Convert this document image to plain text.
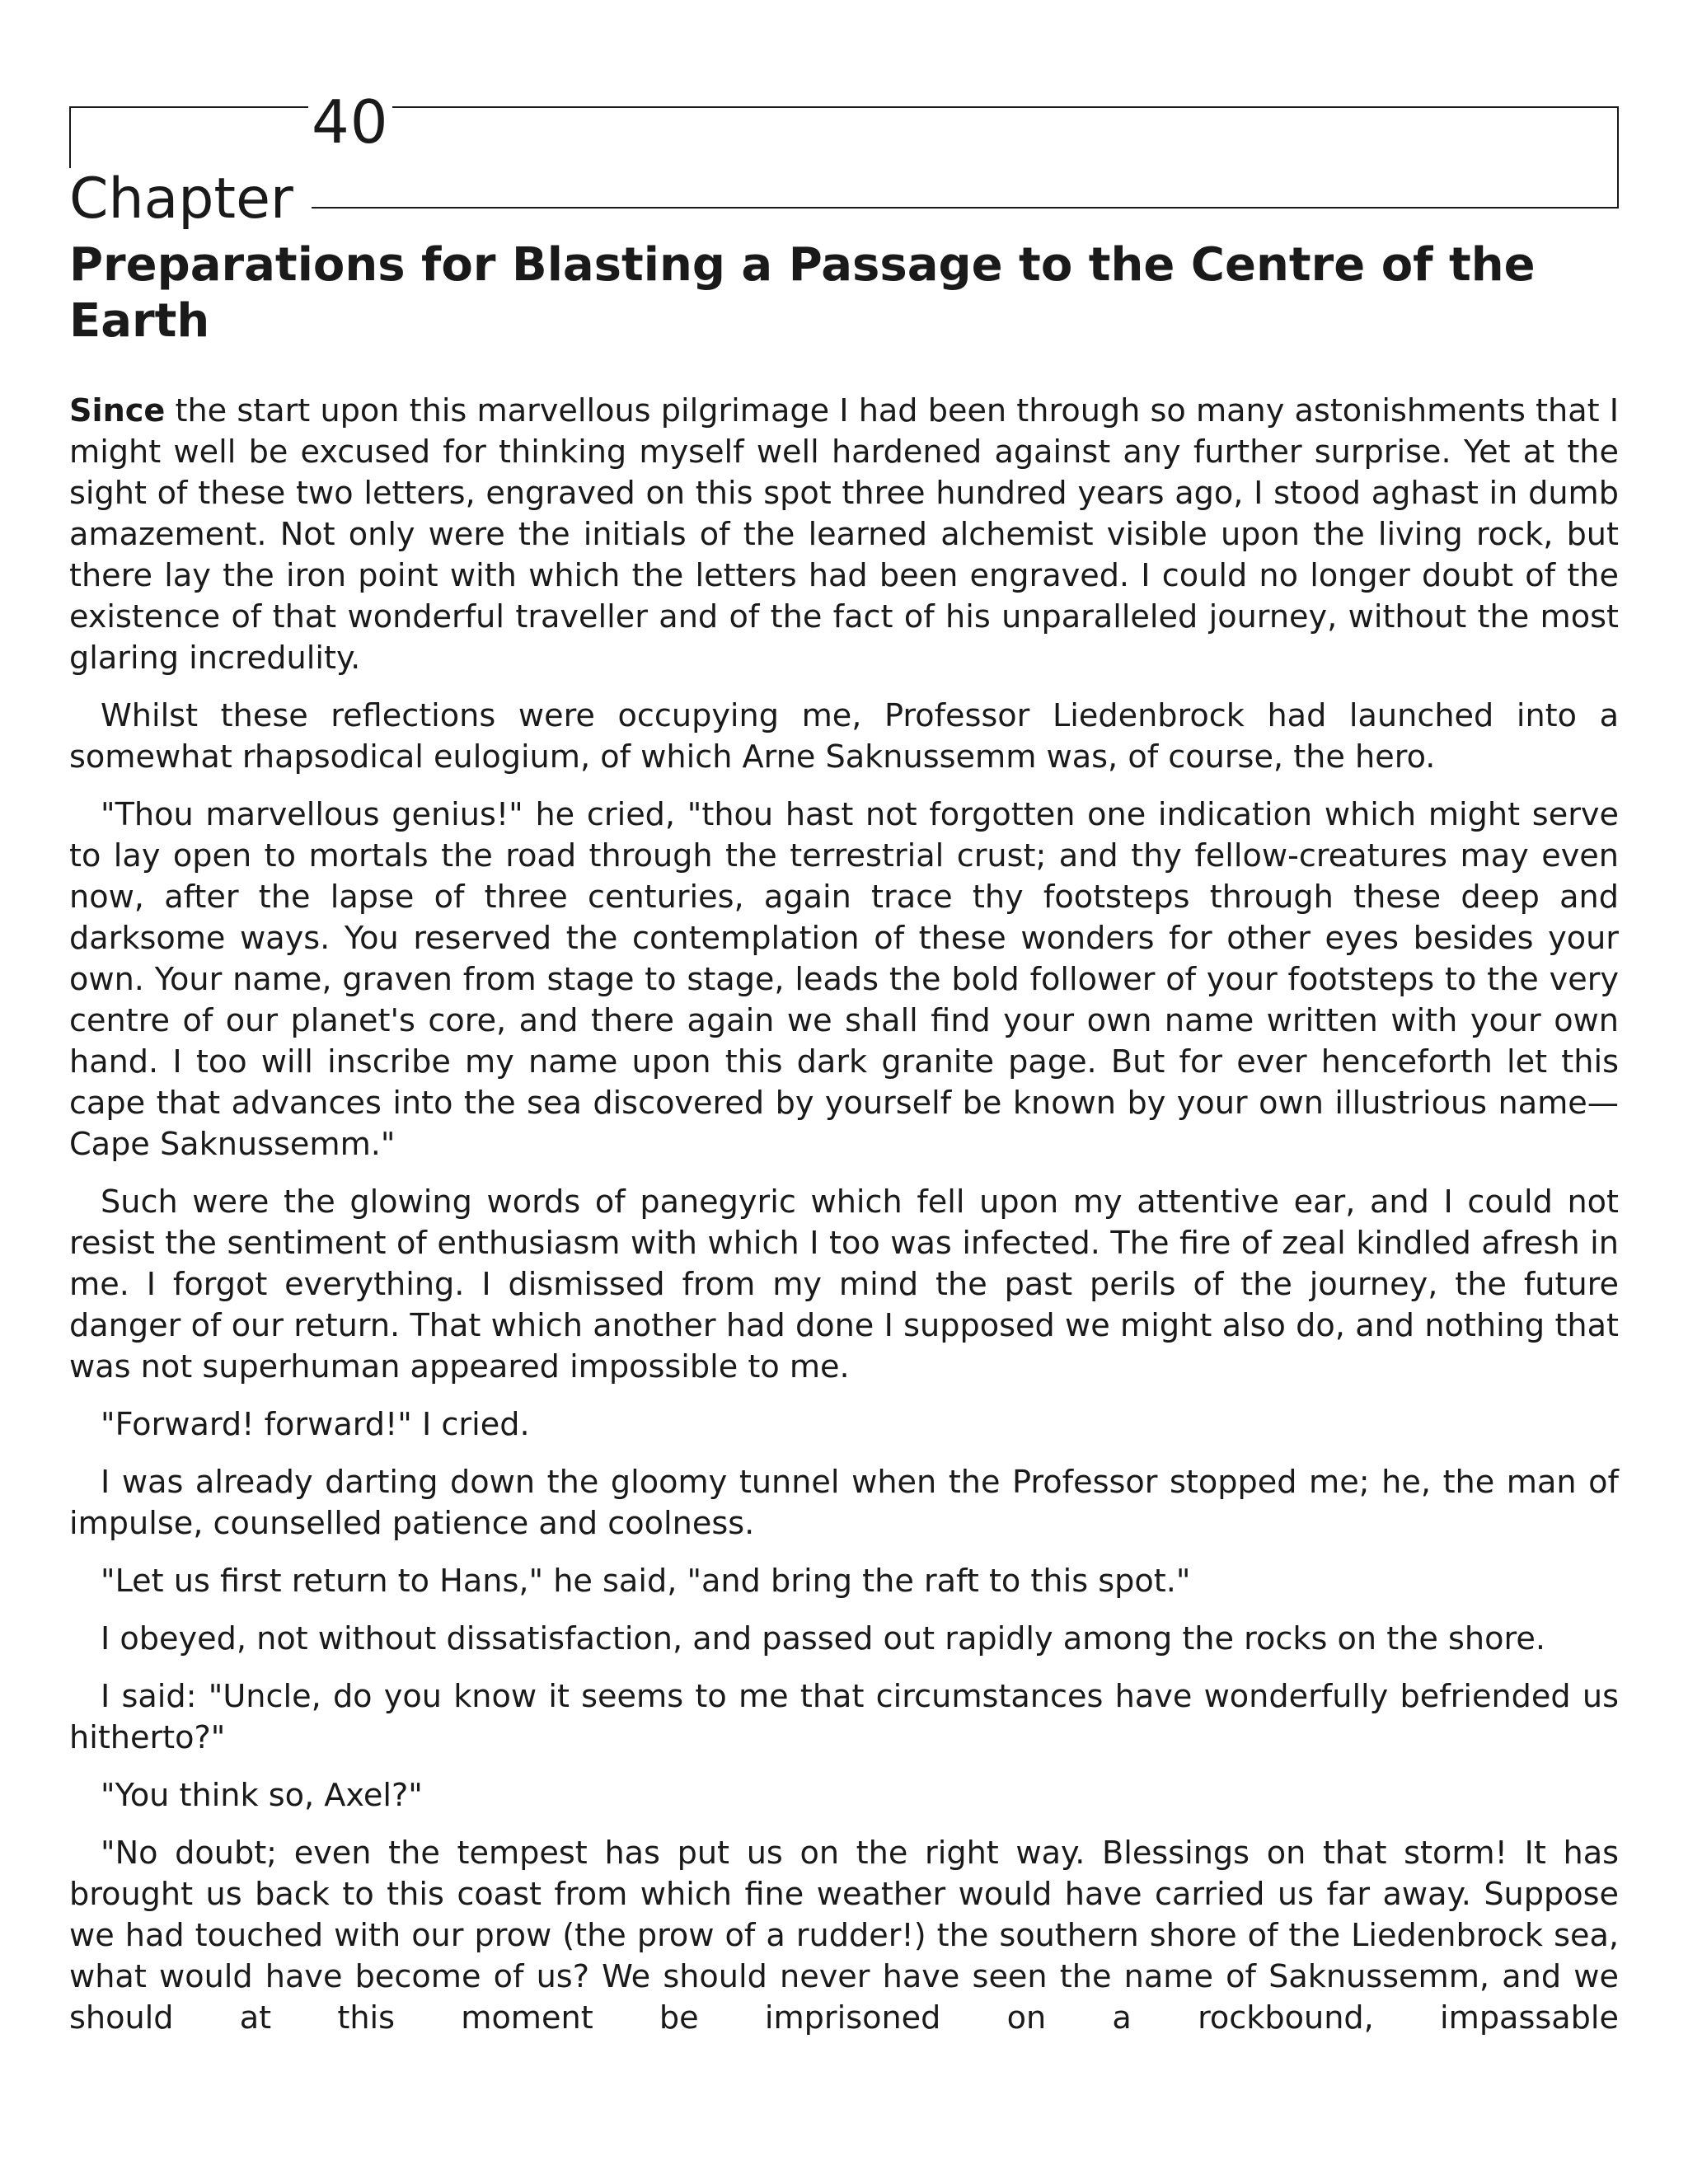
40
Chapter
Preparations for Blasting a Passage to the Centre of the Earth

Since the start upon this marvellous pilgrimage I had been through so many astonishments that I might well be excused for thinking myself well hardened against any further surprise. Yet at the sight of these two letters, engraved on this spot three hundred years ago, I stood aghast in dumb amazement. Not only were the initials of the learned alchemist visible upon the living rock, but there lay the iron point with which the letters had been engraved. I could no longer doubt of the existence of that wonderful traveller and of the fact of his unparalleled journey, without the most glaring incredulity.

Whilst these reflections were occupying me, Professor Liedenbrock had launched into a somewhat rhapsodical eulogium, of which Arne Saknussemm was, of course, the hero.

"Thou marvellous genius!" he cried, "thou hast not forgotten one indication which might serve to lay open to mortals the road through the terrestrial crust; and thy fellow-creatures may even now, after the lapse of three centuries, again trace thy footsteps through these deep and darksome ways. You reserved the contemplation of these wonders for other eyes besides your own. Your name, graven from stage to stage, leads the bold follower of your footsteps to the very centre of our planet's core, and there again we shall find your own name written with your own hand. I too will inscribe my name upon this dark granite page. But for ever henceforth let this cape that advances into the sea discovered by yourself be known by your own illustrious name—Cape Saknussemm."

Such were the glowing words of panegyric which fell upon my attentive ear, and I could not resist the sentiment of enthusiasm with which I too was infected. The fire of zeal kindled afresh in me. I forgot everything. I dismissed from my mind the past perils of the journey, the future danger of our return. That which another had done I supposed we might also do, and nothing that was not superhuman appeared impossible to me.

"Forward! forward!" I cried.

I was already darting down the gloomy tunnel when the Professor stopped me; he, the man of impulse, counselled patience and coolness.

"Let us first return to Hans," he said, "and bring the raft to this spot."

I obeyed, not without dissatisfaction, and passed out rapidly among the rocks on the shore.

I said: "Uncle, do you know it seems to me that circumstances have wonderfully befriended us hitherto?"

"You think so, Axel?"

"No doubt; even the tempest has put us on the right way. Blessings on that storm! It has brought us back to this coast from which fine weather would have carried us far away. Suppose we had touched with our prow (the prow of a rudder!) the southern shore of the Liedenbrock sea, what would have become of us? We should never have seen the name of Saknussemm, and we should at this moment be imprisoned on a rockbound, impassable
